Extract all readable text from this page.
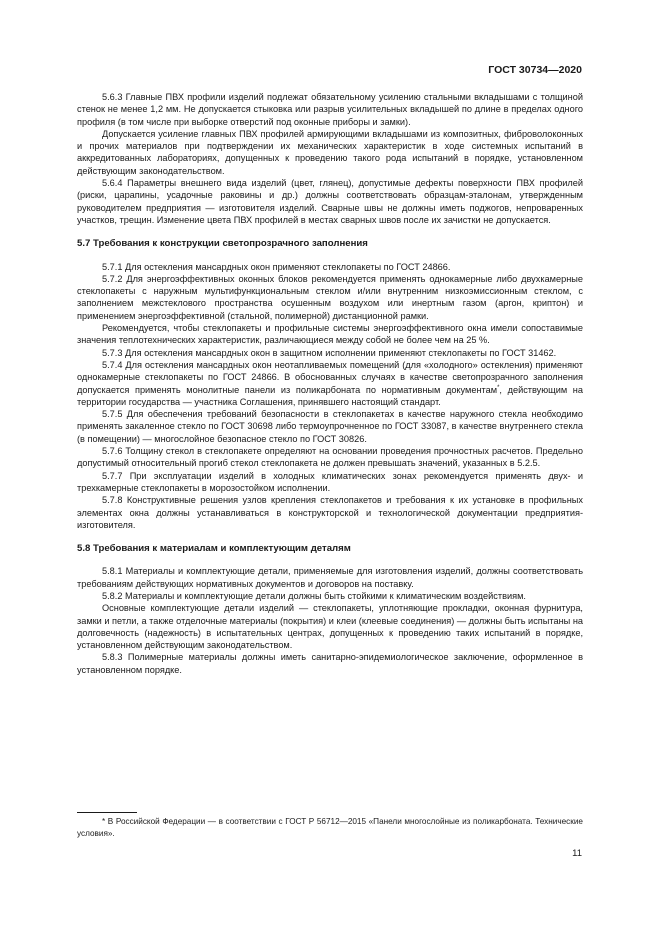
ГОСТ 30734—2020

5.6.3 Главные ПВХ профили изделий подлежат обязательному усилению стальными вкладышами с толщиной стенок не менее 1,2 мм. Не допускается стыковка или разрыв усилительных вкладышей по длине в пределах одного профиля (в том числе при выборке отверстий под оконные приборы и замки).

Допускается усиление главных ПВХ профилей армирующими вкладышами из композитных, фиброволоконных и прочих материалов при подтверждении их механических характеристик в ходе системных испытаний в аккредитованных лабораториях, допущенных к проведению такого рода испытаний в порядке, установленном действующим законодательством.

5.6.4 Параметры внешнего вида изделий (цвет, глянец), допустимые дефекты поверхности ПВХ профилей (риски, царапины, усадочные раковины и др.) должны соответствовать образцам-эталонам, утвержденным руководителем предприятия — изготовителя изделий. Сварные швы не должны иметь поджогов, непроваренных участков, трещин. Изменение цвета ПВХ профилей в местах сварных швов после их зачистки не допускается.

5.7 Требования к конструкции светопрозрачного заполнения

5.7.1 Для остекления мансардных окон применяют стеклопакеты по ГОСТ 24866.

5.7.2 Для энергоэффективных оконных блоков рекомендуется применять однокамерные либо двухкамерные стеклопакеты с наружным мультифункциональным стеклом и/или внутренним низкоэмиссионным стеклом, с заполнением межстеклового пространства осушенным воздухом или инертным газом (аргон, криптон) и применением энергоэффективной (стальной, полимерной) дистанционной рамки.

Рекомендуется, чтобы стеклопакеты и профильные системы энергоэффективного окна имели сопоставимые значения теплотехнических характеристик, различающиеся между собой не более чем на 25 %.

5.7.3 Для остекления мансардных окон в защитном исполнении применяют стеклопакеты по ГОСТ 31462.

5.7.4 Для остекления мансардных окон неотапливаемых помещений (для «холодного» остекления) применяют однокамерные стеклопакеты по ГОСТ 24866. В обоснованных случаях в качестве светопрозрачного заполнения допускается применять монолитные панели из поликарбоната по нормативным документам*, действующим на территории государства — участника Соглашения, принявшего настоящий стандарт.

5.7.5 Для обеспечения требований безопасности в стеклопакетах в качестве наружного стекла необходимо применять закаленное стекло по ГОСТ 30698 либо термоупрочненное по ГОСТ 33087, в качестве внутреннего стекла (в помещении) — многослойное безопасное стекло по ГОСТ 30826.

5.7.6 Толщину стекол в стеклопакете определяют на основании проведения прочностных расчетов. Предельно допустимый относительный прогиб стекол стеклопакета не должен превышать значений, указанных в 5.2.5.

5.7.7 При эксплуатации изделий в холодных климатических зонах рекомендуется применять двух- и трехкамерные стеклопакеты в морозостойком исполнении.

5.7.8 Конструктивные решения узлов крепления стеклопакетов и требования к их установке в профильных элементах окна должны устанавливаться в конструкторской и технологической документации предприятия-изготовителя.

5.8 Требования к материалам и комплектующим деталям

5.8.1 Материалы и комплектующие детали, применяемые для изготовления изделий, должны соответствовать требованиям действующих нормативных документов и договоров на поставку.

5.8.2 Материалы и комплектующие детали должны быть стойкими к климатическим воздействиям.

Основные комплектующие детали изделий — стеклопакеты, уплотняющие прокладки, оконная фурнитура, замки и петли, а также отделочные материалы (покрытия) и клеи (клеевые соединения) — должны быть испытаны на долговечность (надежность) в испытательных центрах, допущенных к проведению таких испытаний в порядке, установленном действующим законодательством.

5.8.3 Полимерные материалы должны иметь санитарно-эпидемиологическое заключение, оформленное в установленном порядке.

* В Российской Федерации — в соответствии с ГОСТ Р 56712—2015 «Панели многослойные из поликарбоната. Технические условия».

11
